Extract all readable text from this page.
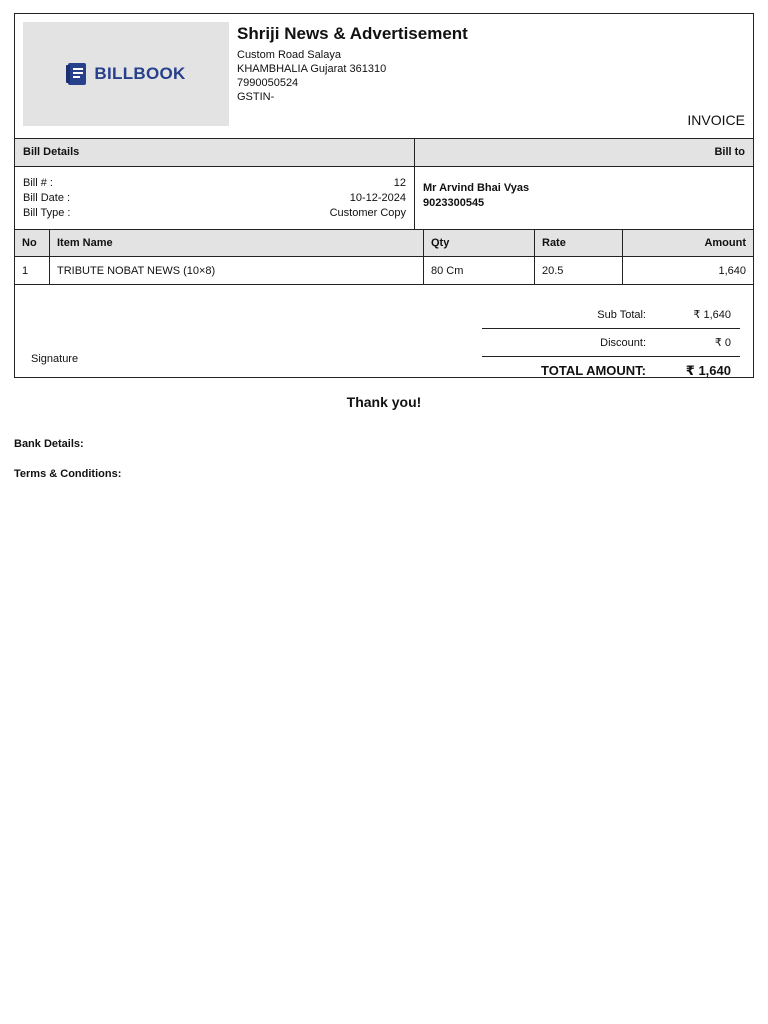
BILLBOOK
Shriji News & Advertisement
Custom Road Salaya
KHAMBHALIA Gujarat 361310
7990050524
GSTIN-
INVOICE
Bill Details	Bill to
Bill # :	12
Bill Date :	10-12-2024
Bill Type :	Customer Copy
Mr Arvind Bhai Vyas
9023300545
No	Item Name	Qty	Rate	Amount
1	TRIBUTE NOBAT NEWS (10×8)	80 Cm	20.5	1,640
Signature
Sub Total:	₹ 1,640
Discount:	₹ 0
TOTAL AMOUNT:	₹ 1,640
Thank you!
Bank Details:
Terms & Conditions:
